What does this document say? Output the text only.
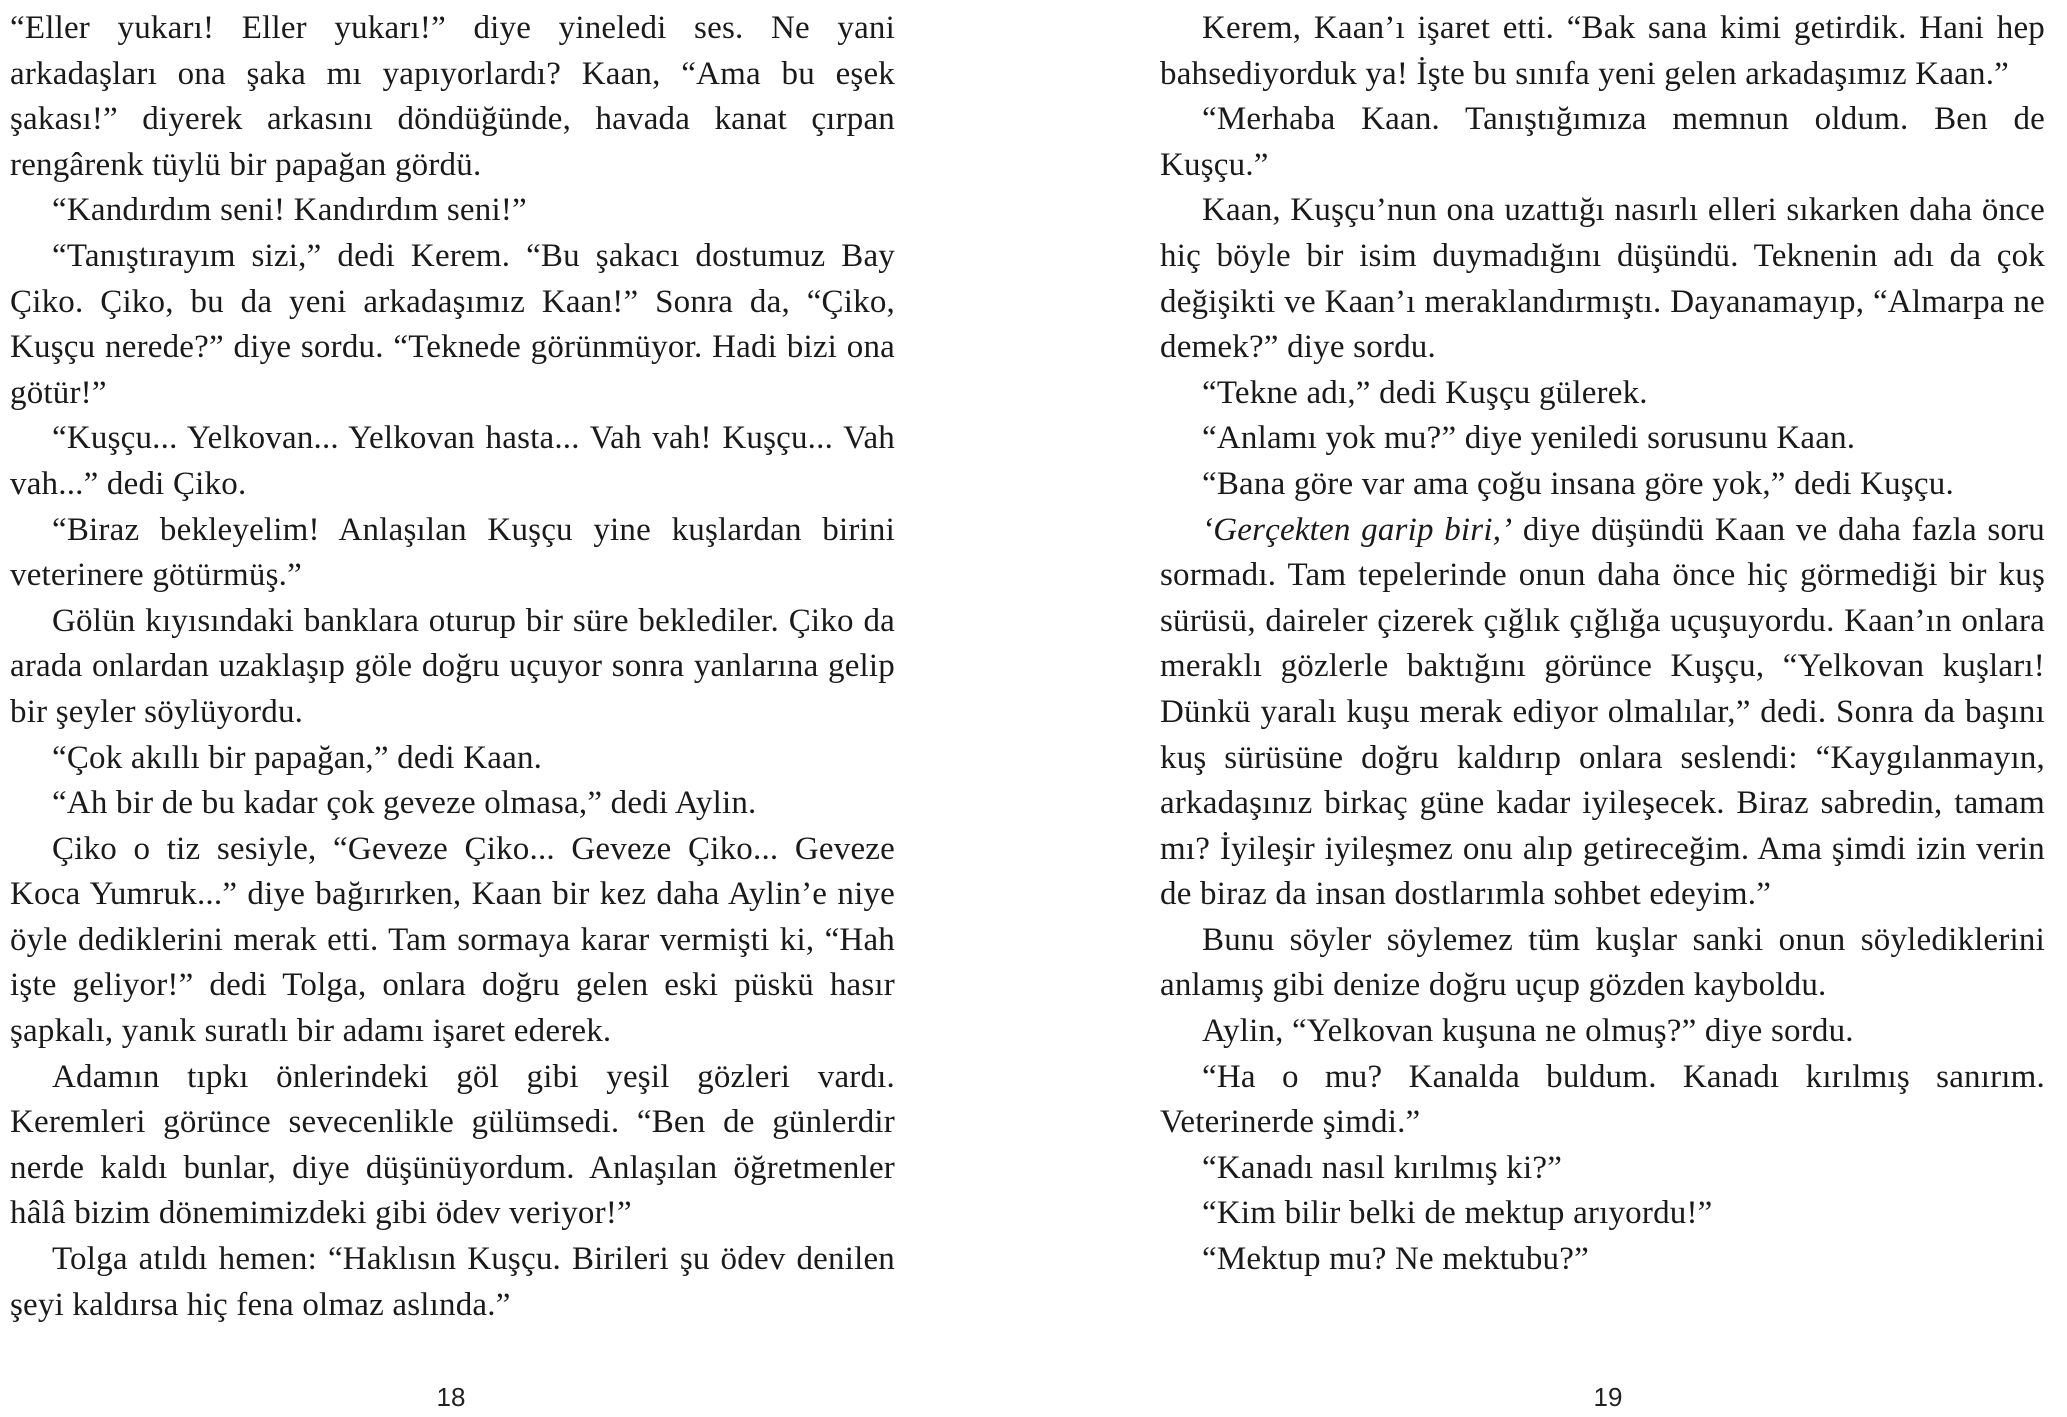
“Eller yukarı! Eller yukarı!” diye yineledi ses. Ne yani arkadaşları ona şaka mı yapıyorlardı? Kaan, “Ama bu eşek şakası!” diyerek arkasını döndüğünde, havada kanat çırpan rengârenk tüylü bir papağan gördü.

“Kandırdım seni! Kandırdım seni!”

“Tanıştırayım sizi,” dedi Kerem. “Bu şakacı dostumuz Bay Çiko. Çiko, bu da yeni arkadaşımız Kaan!” Sonra da, “Çiko, Kuşçu nerede?” diye sordu. “Teknede görünmüyor. Hadi bizi ona götür!”

“Kuşçu... Yelkovan... Yelkovan hasta... Vah vah! Kuşçu... Vah vah...” dedi Çiko.

“Biraz bekleyelim! Anlaşılan Kuşçu yine kuşlardan birini veterinere götürmüş.”

Gölün kıyısındaki banklara oturup bir süre beklediler. Çiko da arada onlardan uzaklaşıp göle doğru uçuyor sonra yanlarına gelip bir şeyler söylüyordu.

“Çok akıllı bir papağan,” dedi Kaan.

“Ah bir de bu kadar çok geveze olmasa,” dedi Aylin.

Çiko o tiz sesiyle, “Geveze Çiko... Geveze Çiko... Geveze Koca Yumruk...” diye bağırırken, Kaan bir kez daha Aylin’e niye öyle dediklerini merak etti. Tam sormaya karar vermişti ki, “Hah işte geliyor!” dedi Tolga, onlara doğru gelen eski püskü hasır şapkalı, yanık suratlı bir adamı işaret ederek.

Adamın tıpkı önlerindeki göl gibi yeşil gözleri vardı. Keremleri görünce sevecenlikle gülümsedi. “Ben de günlerdir nerde kaldı bunlar, diye düşünüyordum. Anlaşılan öğretmenler hâlâ bizim dönemimizdeki gibi ödev veriyor!”

Tolga atıldı hemen: “Haklısın Kuşçu. Birileri şu ödev denilen şeyi kaldırsa hiç fena olmaz aslında.”

18

Kerem, Kaan’ı işaret etti. “Bak sana kimi getirdik. Hani hep bahsediyorduk ya! İşte bu sınıfa yeni gelen arkadaşımız Kaan.”

“Merhaba Kaan. Tanıştığımıza memnun oldum. Ben de Kuşçu.”

Kaan, Kuşçu’nun ona uzattığı nasırlı elleri sıkarken daha önce hiç böyle bir isim duymadığını düşündü. Teknenin adı da çok değişikti ve Kaan’ı meraklandırmıştı. Dayanamayıp, “Almarpa ne demek?” diye sordu.

“Tekne adı,” dedi Kuşçu gülerek.

“Anlamı yok mu?” diye yeniledi sorusunu Kaan.

“Bana göre var ama çoğu insana göre yok,” dedi Kuşçu.

‘Gerçekten garip biri,’ diye düşündü Kaan ve daha fazla soru sormadı. Tam tepelerinde onun daha önce hiç görmediği bir kuş sürüsü, daireler çizerek çığlık çığlığa uçuşuyordu. Kaan’ın onlara meraklı gözlerle baktığını görünce Kuşçu, “Yelkovan kuşları! Dünkü yaralı kuşu merak ediyor olmalılar,” dedi. Sonra da başını kuş sürüsüne doğru kaldırıp onlara seslendi: “Kaygılanmayın, arkadaşınız birkaç güne kadar iyileşecek. Biraz sabredin, tamam mı? İyileşir iyileşmez onu alıp getireceğim. Ama şimdi izin verin de biraz da insan dostlarımla sohbet edeyim.”

Bunu söyler söylemez tüm kuşlar sanki onun söylediklerini anlamış gibi denize doğru uçup gözden kayboldu.

Aylin, “Yelkovan kuşuna ne olmuş?” diye sordu.

“Ha o mu? Kanalda buldum. Kanadı kırılmış sanırım. Veterinerde şimdi.”

“Kanadı nasıl kırılmış ki?”

“Kim bilir belki de mektup arıyordu!”

“Mektup mu? Ne mektubu?”

19
